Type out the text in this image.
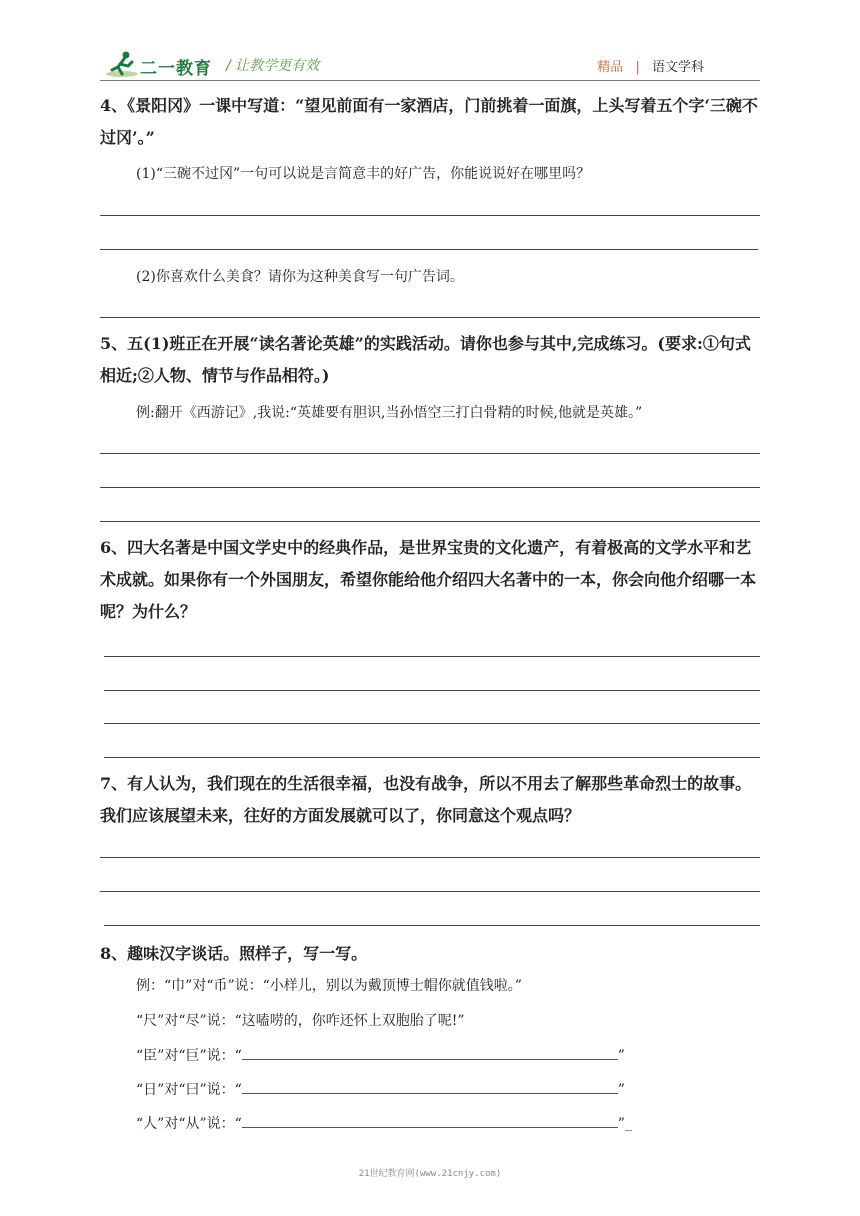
二一教育 / 让教学更有效	精品 | 语文学科
4、《景阳冈》一课中写道：“望见前面有一家酒店，门前挑着一面旗，上头写着五个字‘三碗不过冈’。”
(1)“三碗不过冈”一句可以说是言简意丰的好广告，你能说说好在哪里吗？
(2)你喜欢什么美食？请你为这种美食写一句广告词。
5、五(1)班正在开展“读名著论英雄”的实践活动。请你也参与其中,完成练习。(要求:①句式相近;②人物、情节与作品相符。)
例:翻开《西游记》,我说:“英雄要有胆识,当孙悟空三打白骨精的时候,他就是英雄。”
6、四大名著是中国文学史中的经典作品，是世界宝贵的文化遗产，有着极高的文学水平和艺术成就。如果你有一个外国朋友，希望你能给他介绍四大名著中的一本，你会向他介绍哪一本呢？为什么？
7、有人认为，我们现在的生活很幸福，也没有战争，所以不用去了解那些革命烈士的故事。我们应该展望未来，往好的方面发展就可以了，你同意这个观点吗？
8、趣味汉字谈话。照样子，写一写。
例：“巾”对“币”说：“小样儿，别以为戴顶博士帽你就值钱啦。”
“尺”对“尽”说：“这嗑唠的，你咋还怀上双胞胎了呢!”
“臣”对“巨”说：“	”
“日”对“曰”说：“	”
“人”对“从”说：“	”_
21世纪教育网(www.21cnjy.com)
